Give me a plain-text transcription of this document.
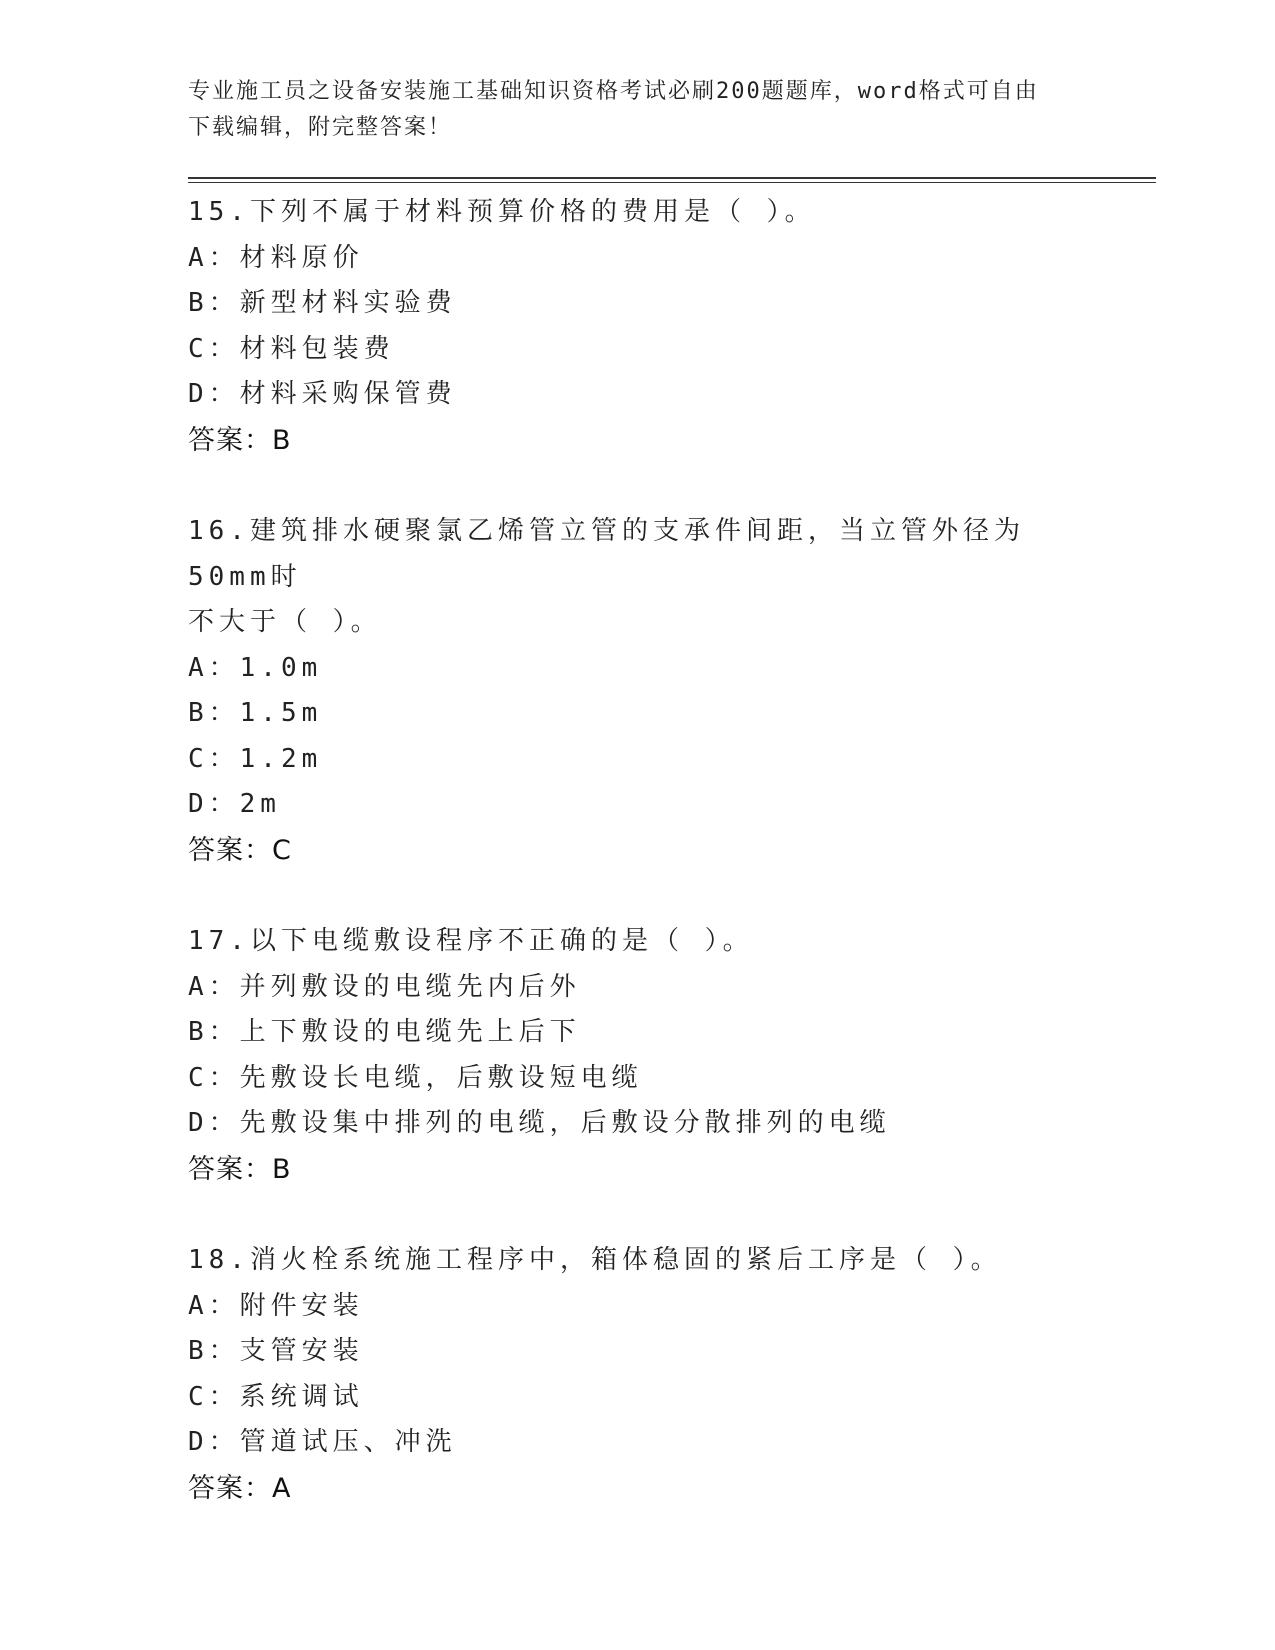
专业施工员之设备安装施工基础知识资格考试必刷200题题库，word格式可自由
下载编辑，附完整答案！

15.下列不属于材料预算价格的费用是（ ）。

A：材料原价

B：新型材料实验费

C：材料包装费

D：材料采购保管费

答案：B

16.建筑排水硬聚氯乙烯管立管的支承件间距，当立管外径为50mm时

不大于（ ）。

A：1.0m

B：1.5m

C：1.2m

D：2m

答案：C

17.以下电缆敷设程序不正确的是（ ）。

A：并列敷设的电缆先内后外

B：上下敷设的电缆先上后下

C：先敷设长电缆，后敷设短电缆

D：先敷设集中排列的电缆，后敷设分散排列的电缆

答案：B

18.消火栓系统施工程序中，箱体稳固的紧后工序是（ ）。

A：附件安装

B：支管安装

C：系统调试

D：管道试压、冲洗

答案：A
